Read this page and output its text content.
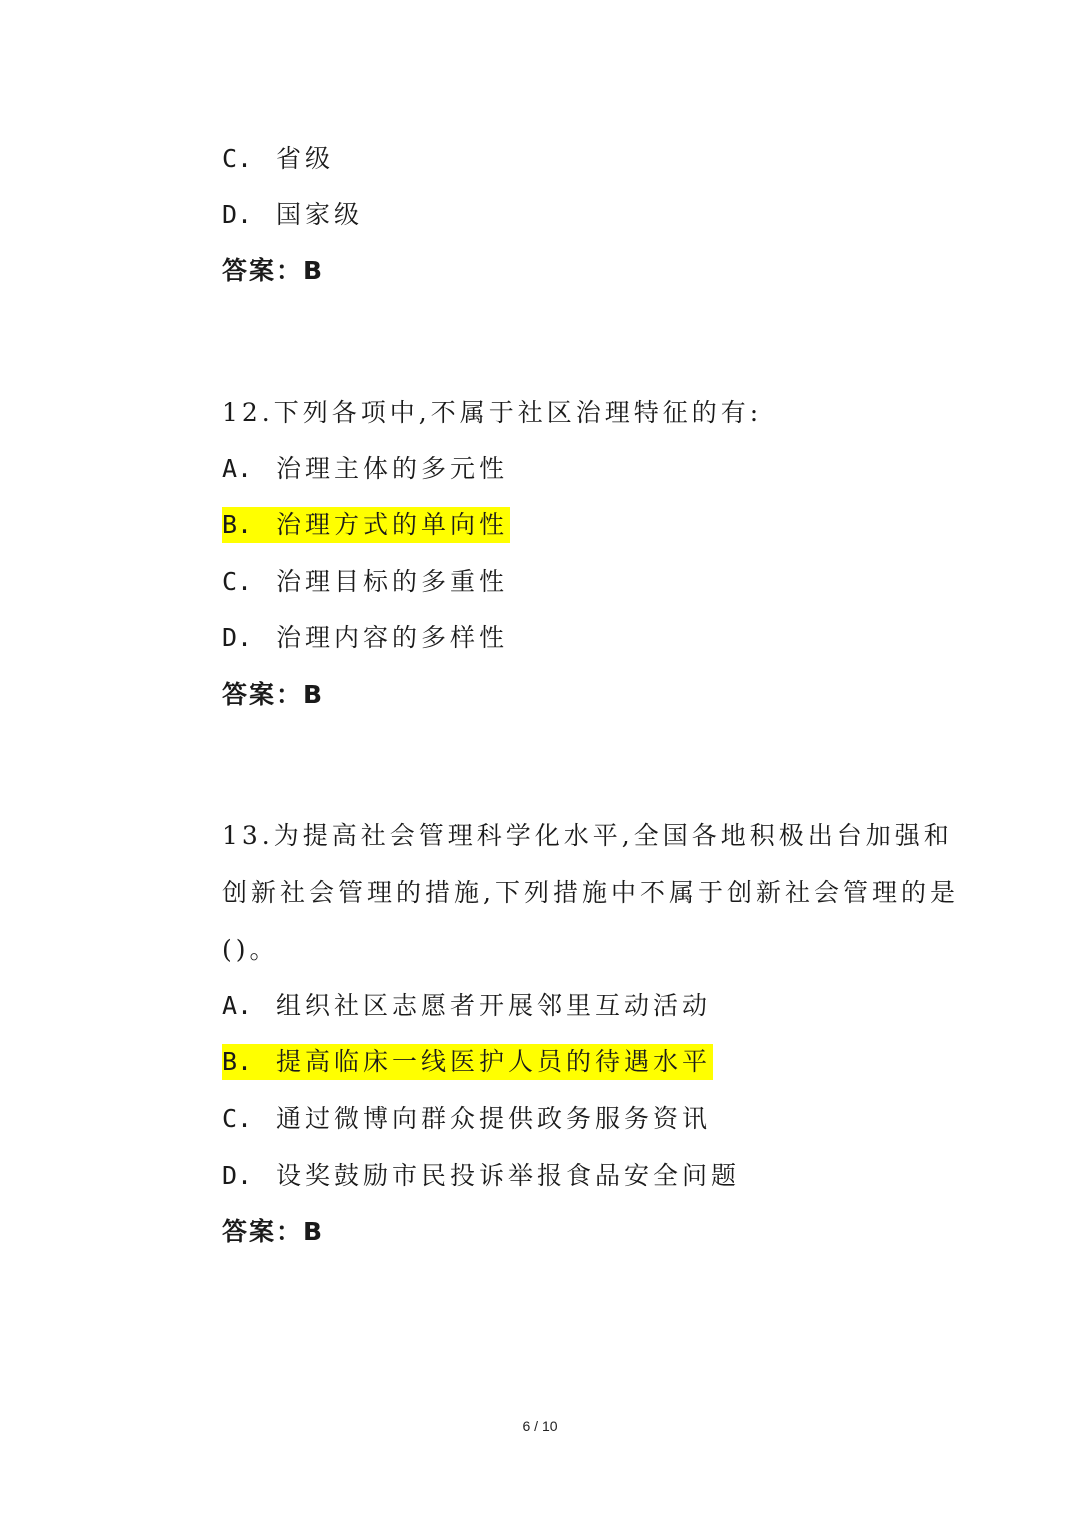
C. 省级
D. 国家级
答案：B
12.下列各项中,不属于社区治理特征的有:
A. 治理主体的多元性
B. 治理方式的单向性
C. 治理目标的多重性
D. 治理内容的多样性
答案：B
13.为提高社会管理科学化水平,全国各地积极出台加强和
创新社会管理的措施,下列措施中不属于创新社会管理的是
()。
A. 组织社区志愿者开展邻里互动活动
B. 提高临床一线医护人员的待遇水平
C. 通过微博向群众提供政务服务资讯
D. 设奖鼓励市民投诉举报食品安全问题
答案：B
6 / 10
